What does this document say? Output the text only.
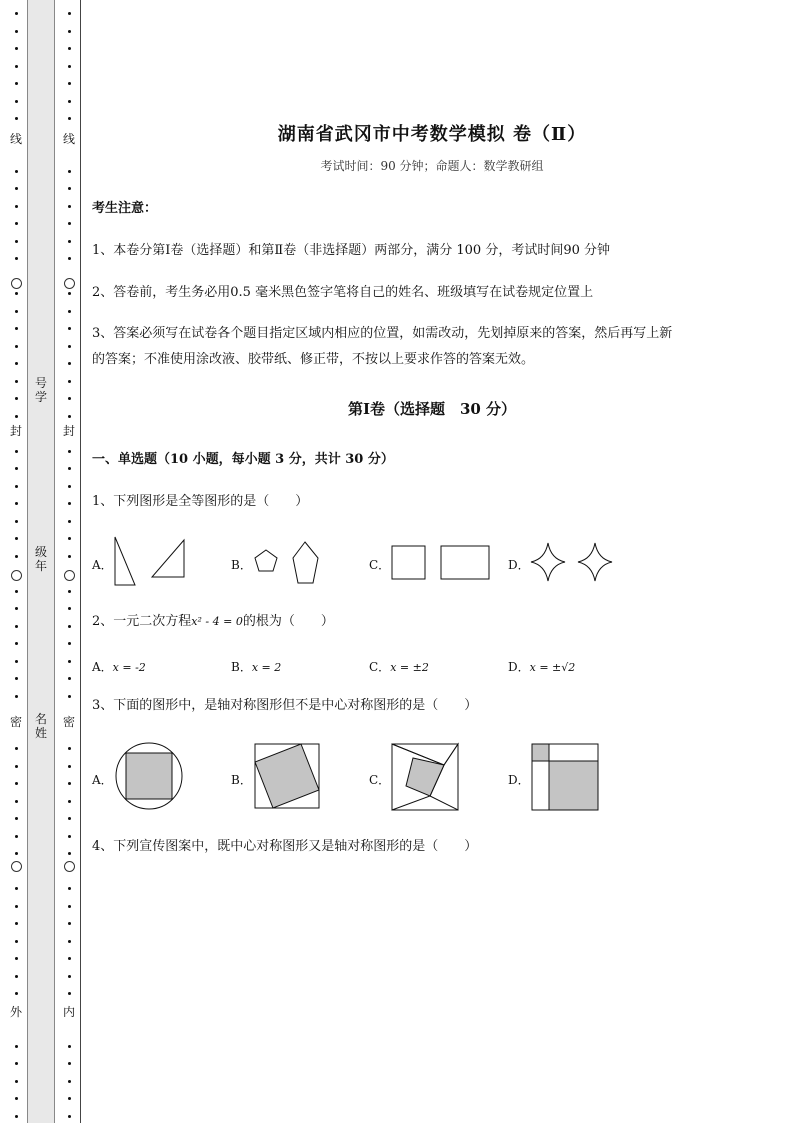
线
封
密
外
线
封
密
内
号学
级年
名姓
湖南省武冈市中考数学模拟 卷（Ⅱ）
考试时间：90 分钟；命题人：数学教研组
考生注意：
1、本卷分第Ⅰ卷（选择题）和第Ⅱ卷（非选择题）两部分，满分 100 分，考试时间90 分钟
2、答卷前，考生务必用0.5 毫米黑色签字笔将自己的姓名、班级填写在试卷规定位置上
3、答案必须写在试卷各个题目指定区域内相应的位置，如需改动，先划掉原来的答案，然后再写上新
的答案；不准使用涂改液、胶带纸、修正带，不按以上要求作答的答案无效。
第Ⅰ卷（选择题　30 分）
一、单选题（10 小题，每小题 3 分，共计 30 分）
1、下列图形是全等图形的是（　　）
A．	B．	C．	D．
2、一元二次方程x² - 4 = 0的根为（　　）
A．x = -2	B．x = 2	C．x = ±2	D．x = ±√2
3、下面的图形中，是轴对称图形但不是中心对称图形的是（　　）
A．	B．	C．	D．
4、下列宣传图案中，既中心对称图形又是轴对称图形的是（　　）
